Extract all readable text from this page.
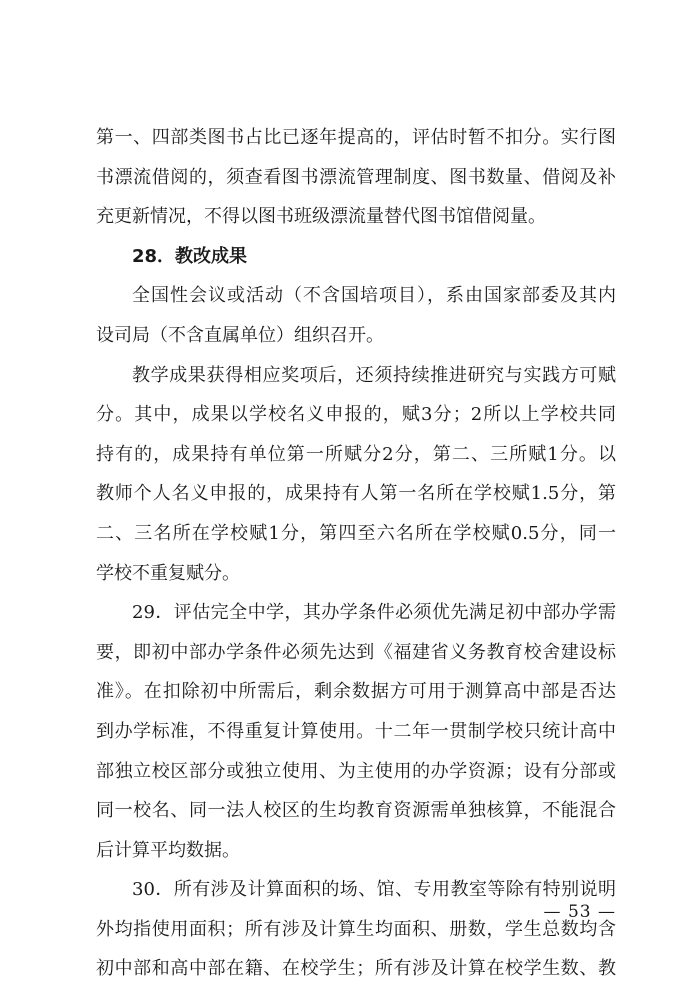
第一、四部类图书占比已逐年提高的，评估时暂不扣分。实行图
书漂流借阅的，须查看图书漂流管理制度、图书数量、借阅及补
充更新情况，不得以图书班级漂流量替代图书馆借阅量。
28．教改成果
全国性会议或活动（不含国培项目），系由国家部委及其内
设司局（不含直属单位）组织召开。
教学成果获得相应奖项后，还须持续推进研究与实践方可赋
分。其中，成果以学校名义申报的，赋3分；2所以上学校共同
持有的，成果持有单位第一所赋分2分，第二、三所赋1分。以
教师个人名义申报的，成果持有人第一名所在学校赋1.5分，第
二、三名所在学校赋1分，第四至六名所在学校赋0.5分，同一
学校不重复赋分。
29．评估完全中学，其办学条件必须优先满足初中部办学需
要，即初中部办学条件必须先达到《福建省义务教育校舍建设标
准》。在扣除初中所需后，剩余数据方可用于测算高中部是否达
到办学标准，不得重复计算使用。十二年一贯制学校只统计高中
部独立校区部分或独立使用、为主使用的办学资源；设有分部或
同一校名、同一法人校区的生均教育资源需单独核算，不能混合
后计算平均数据。
30．所有涉及计算面积的场、馆、专用教室等除有特别说明
外均指使用面积；所有涉及计算生均面积、册数，学生总数均含
初中部和高中部在籍、在校学生；所有涉及计算在校学生数、教
— 53 —
